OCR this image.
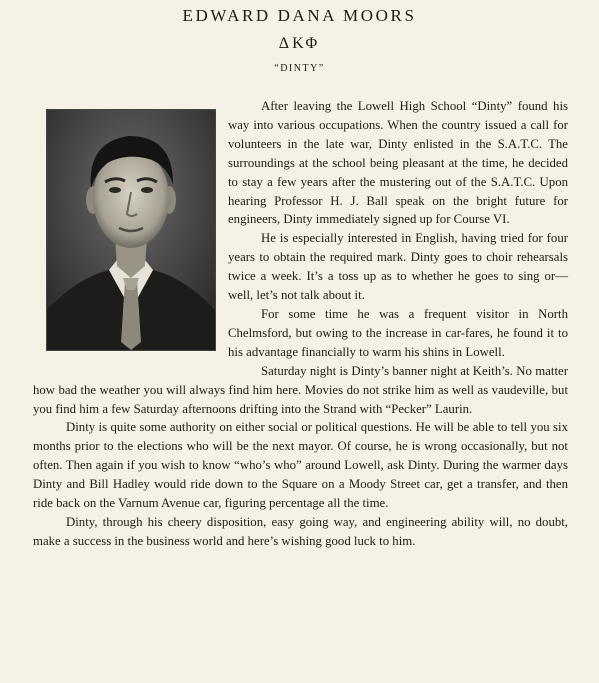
EDWARD DANA MOORS
ΔΚΦ
“DINTY”

After leaving the Lowell High School “Dinty” found his way into various occupations. When the country issued a call for volunteers in the late war, Dinty enlisted in the S.A.T.C. The surroundings at the school being pleasant at the time, he decided to stay a few years after the mustering out of the S.A.T.C. Upon hearing Professor H. J. Ball speak on the bright future for engineers, Dinty immediately signed up for Course VI.

He is especially interested in English, having tried for four years to obtain the required mark. Dinty goes to choir rehearsals twice a week. It’s a toss up as to whether he goes to sing or—well, let’s not talk about it.

For some time he was a frequent visitor in North Chelmsford, but owing to the increase in car-fares, he found it to his advantage financially to warm his shins in Lowell.

Saturday night is Dinty’s banner night at Keith’s. No matter how bad the weather you will always find him here. Movies do not strike him as well as vaudeville, but you find him a few Saturday afternoons drifting into the Strand with “Pecker” Laurin.

Dinty is quite some authority on either social or political questions. He will be able to tell you six months prior to the elections who will be the next mayor. Of course, he is wrong occasionally, but not often. Then again if you wish to know “who’s who” around Lowell, ask Dinty. During the warmer days Dinty and Bill Hadley would ride down to the Square on a Moody Street car, get a transfer, and then ride back on the Varnum Avenue car, figuring percentage all the time.

Dinty, through his cheery disposition, easy going way, and engineering ability will, no doubt, make a success in the business world and here’s wishing good luck to him.
